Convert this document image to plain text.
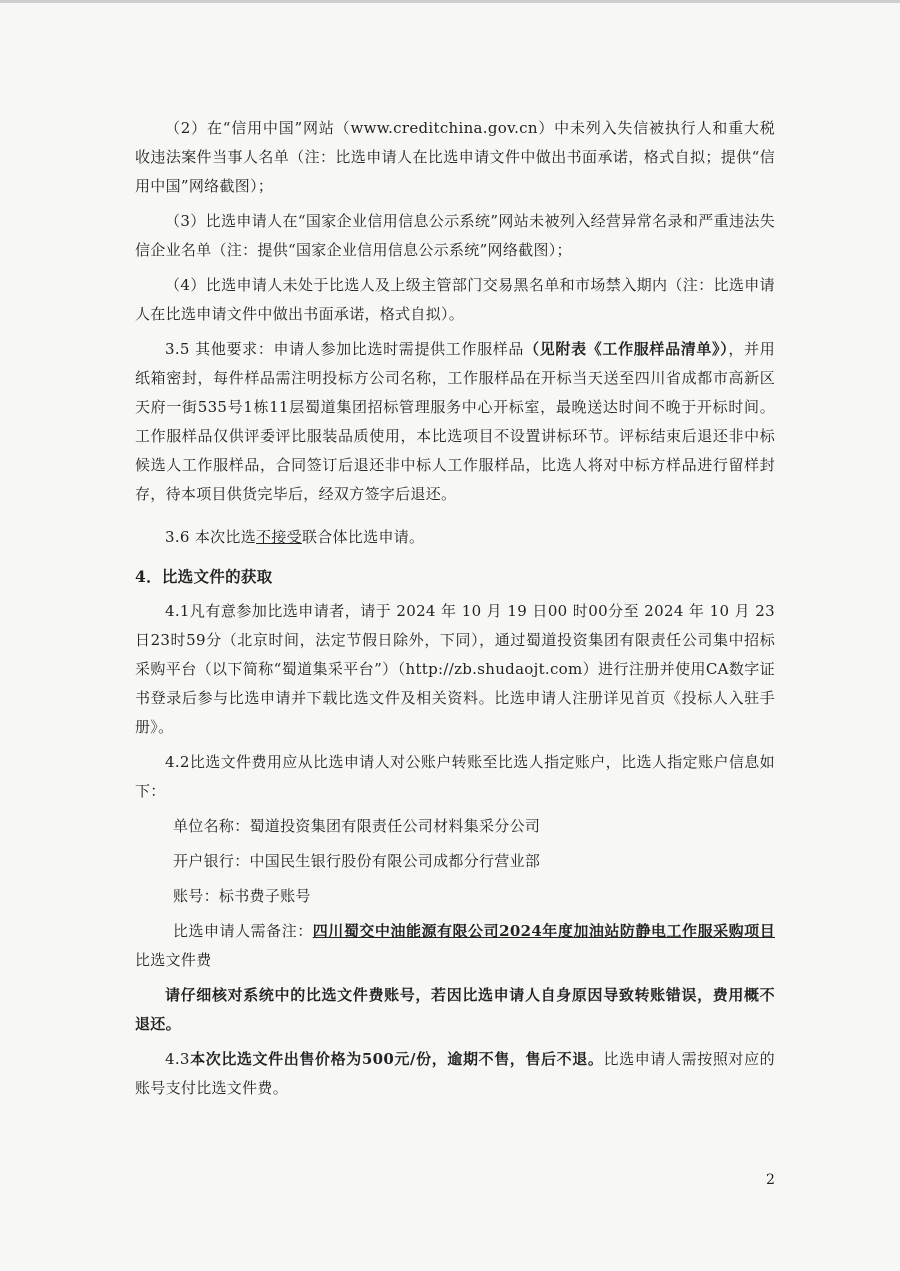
（2）在“信用中国”网站（www.creditchina.gov.cn）中未列入失信被执行人和重大税收违法案件当事人名单（注：比选申请人在比选申请文件中做出书面承诺，格式自拟；提供“信用中国”网络截图）；

（3）比选申请人在“国家企业信用信息公示系统”网站未被列入经营异常名录和严重违法失信企业名单（注：提供“国家企业信用信息公示系统”网络截图）；

（4）比选申请人未处于比选人及上级主管部门交易黑名单和市场禁入期内（注：比选申请人在比选申请文件中做出书面承诺，格式自拟）。

3.5 其他要求：申请人参加比选时需提供工作服样品（见附表《工作服样品清单》），并用纸箱密封，每件样品需注明投标方公司名称，工作服样品在开标当天送至四川省成都市高新区天府一街535号1栋11层蜀道集团招标管理服务中心开标室，最晚送达时间不晚于开标时间。工作服样品仅供评委评比服装品质使用，本比选项目不设置讲标环节。评标结束后退还非中标候选人工作服样品，合同签订后退还非中标人工作服样品，比选人将对中标方样品进行留样封存，待本项目供货完毕后，经双方签字后退还。

3.6 本次比选不接受联合体比选申请。

4．比选文件的获取

4.1凡有意参加比选申请者，请于 2024 年 10 月 19 日00 时00分至 2024 年 10 月 23 日23时59分（北京时间，法定节假日除外，下同），通过蜀道投资集团有限责任公司集中招标采购平台（以下简称“蜀道集采平台”）（http://zb.shudaojt.com）进行注册并使用CA数字证书登录后参与比选申请并下载比选文件及相关资料。比选申请人注册详见首页《投标人入驻手册》。

4.2比选文件费用应从比选申请人对公账户转账至比选人指定账户，比选人指定账户信息如下：

单位名称：蜀道投资集团有限责任公司材料集采分公司

开户银行：中国民生银行股份有限公司成都分行营业部

账号：标书费子账号

比选申请人需备注：四川蜀交中油能源有限公司2024年度加油站防静电工作服采购项目比选文件费

请仔细核对系统中的比选文件费账号，若因比选申请人自身原因导致转账错误，费用概不退还。

4.3本次比选文件出售价格为500元/份，逾期不售，售后不退。比选申请人需按照对应的账号支付比选文件费。

2
